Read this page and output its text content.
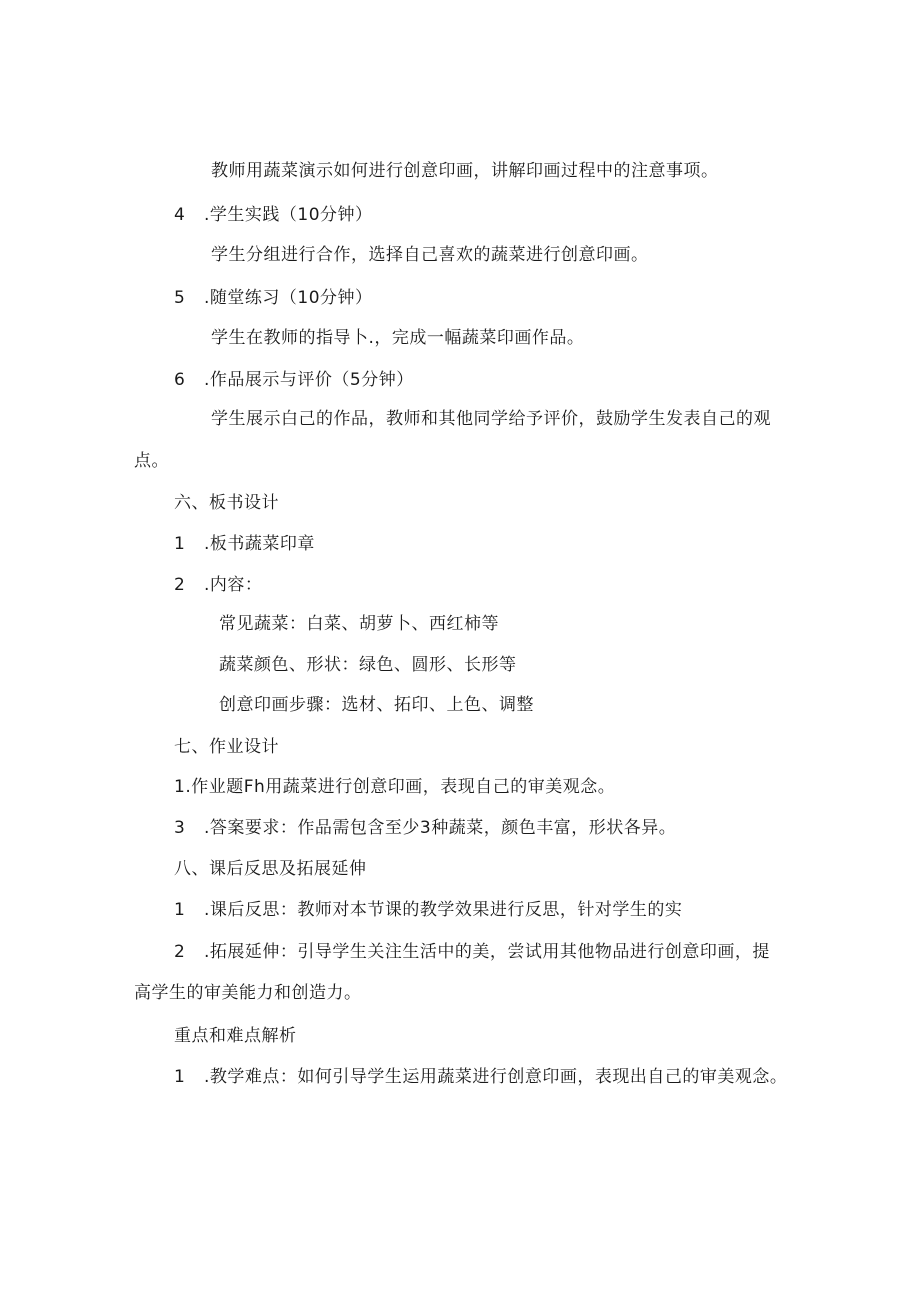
教师用蔬菜演示如何进行创意印画，讲解印画过程中的注意事项。
4 .学生实践（10分钟）
学生分组进行合作，选择自己喜欢的蔬菜进行创意印画。
5 .随堂练习（10分钟）
学生在教师的指导卜.，完成一幅蔬菜印画作品。
6 .作品展示与评价（5分钟）
学生展示白己的作品，教师和其他同学给予评价，鼓励学生发表自己的观
点。
六、板书设计
1 .板书蔬菜印章
2 .内容：
常见蔬菜：白菜、胡萝卜、西红柿等
蔬菜颜色、形状：绿色、圆形、长形等
创意印画步骤：选材、拓印、上色、调整
七、作业设计
1.作业题Fh用蔬菜进行创意印画，表现自己的审美观念。
3 .答案要求：作品需包含至少3种蔬菜，颜色丰富，形状各异。
八、课后反思及拓展延伸
1 .课后反思：教师对本节课的教学效果进行反思，针对学生的实
2 .拓展延伸：引导学生关注生活中的美，尝试用其他物品进行创意印画，提
高学生的审美能力和创造力。
重点和难点解析
1 .教学难点：如何引导学生运用蔬菜进行创意印画，表现出自己的审美观念。
